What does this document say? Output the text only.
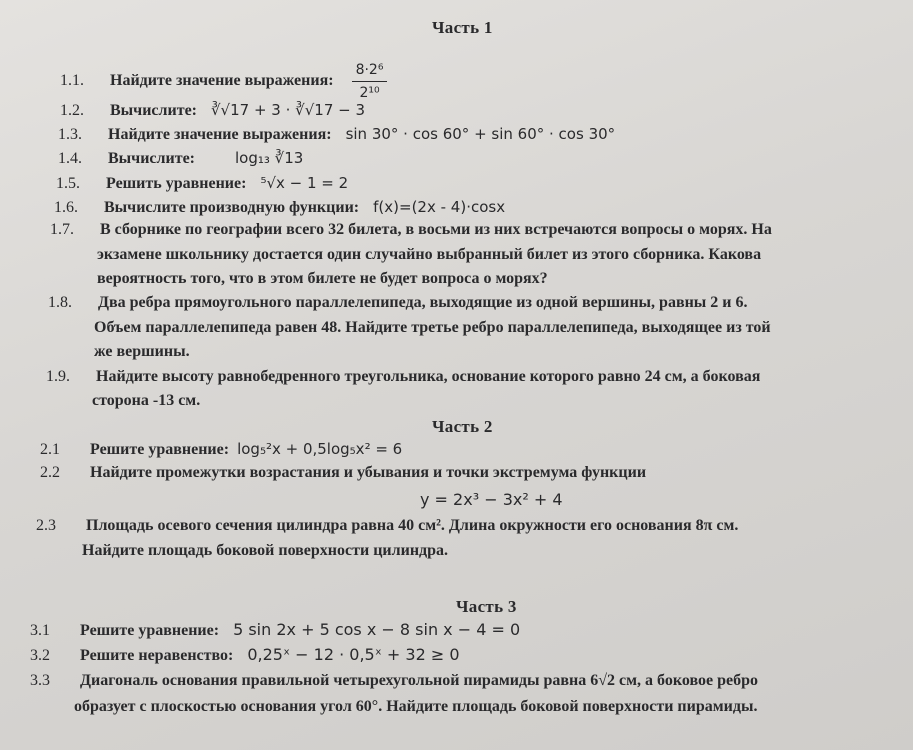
Часть 1
1.1. Найдите значение выражения: $\frac{\text{8·2⁶}}{\text{2¹⁰}}$
1.2. Вычислите: ∛√17 + 3 · ∛√17 − 3
1.3. Найдите значение выражения: sin 30° · cos 60° + sin 60° · cos 30°
1.4. Вычислите:	log₁₃ ∛13
1.5. Решить уравнение: ⁵√x − 1 = 2
1.6. Вычислите производную функции: f(x)=(2x - 4)·cosx
1.7. В сборнике по географии всего 32 билета, в восьми из них встречаются вопросы о морях. На
экзамене школьнику достается один случайно выбранный билет из этого сборника. Какова
вероятность того, что в этом билете не будет вопроса о морях?
1.8. Два ребра прямоугольного параллелепипеда, выходящие из одной вершины, равны 2 и 6.
Объем параллелепипеда равен 48. Найдите третье ребро параллелепипеда, выходящее из той
же вершины.
1.9. Найдите высоту равнобедренного треугольника, основание которого равно 24 см, а боковая
сторона -13 см.
Часть 2
2.1 Решите уравнение: log₅²x + 0,5log₅x² = 6
2.2 Найдите промежутки возрастания и убывания и точки экстремума функции
y = 2x³ − 3x² + 4
2.3 Площадь осевого сечения цилиндра равна 40 см². Длина окружности его основания 8π см.
Найдите площадь боковой поверхности цилиндра.
Часть 3
3.1 Решите уравнение: 5 sin 2x + 5 cos x − 8 sin x − 4 = 0
3.2 Решите неравенство: 0,25ˣ − 12 · 0,5ˣ + 32 ≥ 0
3.3 Диагональ основания правильной четырехугольной пирамиды равна 6√2 см, а боковое ребро
образует с плоскостью основания угол 60°. Найдите площадь боковой поверхности пирамиды.
